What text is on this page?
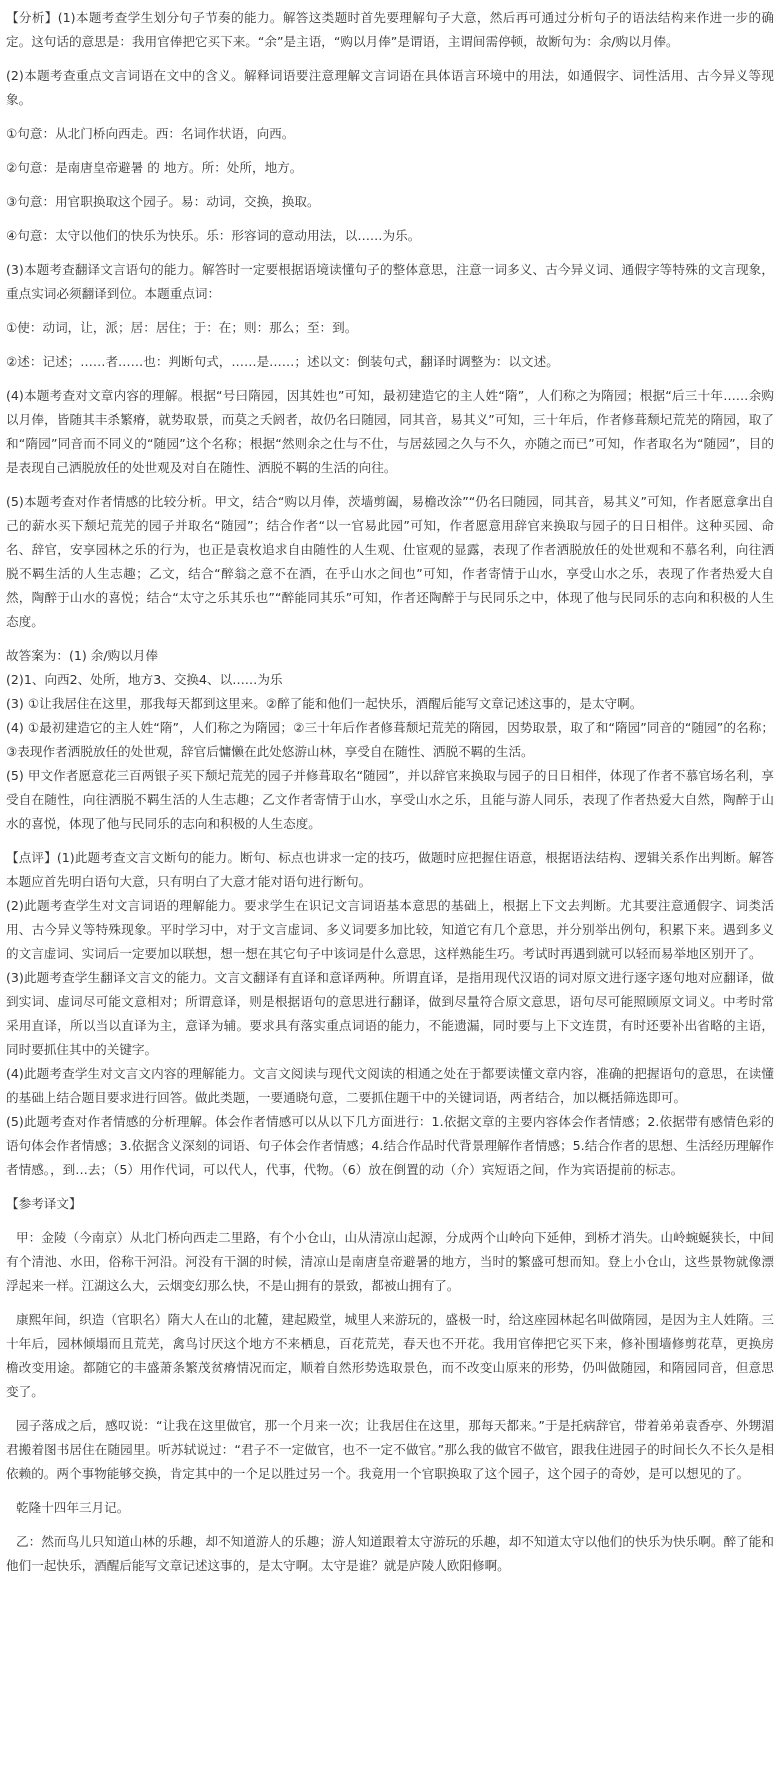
【分析】(1)本题考查学生划分句子节奏的能力。解答这类题时首先要理解句子大意，然后再可通过分析句子的语法结构来作进一步的确定。这句话的意思是：我用官俸把它买下来。“余”是主语，“购以月俸”是谓语，主谓间需停顿，故断句为：余/购以月俸。

(2)本题考查重点文言词语在文中的含义。解释词语要注意理解文言词语在具体语言环境中的用法，如通假字、词性活用、古今异义等现象。

①句意：从北门桥向西走。西：名词作状语，向西。

②句意：是南唐皇帝避暑 的 地方。所：处所，地方。

③句意：用官职换取这个园子。易：动词，交换，换取。

④句意：太守以他们的快乐为快乐。乐：形容词的意动用法，以……为乐。

(3)本题考查翻译文言语句的能力。解答时一定要根据语境读懂句子的整体意思，注意一词多义、古今异义词、通假字等特殊的文言现象，重点实词必须翻译到位。本题重点词：

①使：动词，让，派；居：居住；于：在；则：那么；至：到。

②述：记述；……者……也：判断句式，……是……；述以文：倒装句式，翻译时调整为：以文述。

(4)本题考查对文章内容的理解。根据“号曰隋园，因其姓也”可知，最初建造它的主人姓“隋”，人们称之为隋园；根据“后三十年……余购以月俸，皆随其丰杀繁瘠，就势取景，而莫之夭阏者，故仍名曰随园，同其音，易其义”可知，三十年后，作者修葺颓圮荒芜的隋园，取了和“隋园”同音而不同义的“随园”这个名称；根据“然则余之仕与不仕，与居兹园之久与不久，亦随之而已”可知，作者取名为“随园”，目的是表现自己洒脱放任的处世观及对自在随性、洒脱不羁的生活的向往。

(5)本题考查对作者情感的比较分析。甲文，结合“购以月俸，茨墙剪阖，易檐改涂”“仍名曰随园，同其音，易其义”可知，作者愿意拿出自己的薪水买下颓圮荒芜的园子并取名“随园”；结合作者“以一官易此园”可知，作者愿意用辞官来换取与园子的日日相伴。这种买园、命名、辞官，安享园林之乐的行为，也正是袁枚追求自由随性的人生观、仕宦观的显露，表现了作者洒脱放任的处世观和不慕名利，向往洒脱不羁生活的人生志趣；乙文，结合“醉翁之意不在酒，在乎山水之间也”可知，作者寄情于山水，享受山水之乐，表现了作者热爱大自然，陶醉于山水的喜悦；结合“太守之乐其乐也”“醉能同其乐”可知，作者还陶醉于与民同乐之中，体现了他与民同乐的志向和积极的人生态度。

故答案为：(1) 余/购以月俸

(2)1、向西2、处所，地方3、交换4、以……为乐

(3) ①让我居住在这里，那我每天都到这里来。②醉了能和他们一起快乐，酒醒后能写文章记述这事的，是太守啊。

(4) ①最初建造它的主人姓“隋”，人们称之为隋园；②三十年后作者修葺颓圮荒芜的隋园，因势取景，取了和“隋园”同音的“随园”的名称；③表现作者洒脱放任的处世观，辞官后慵懒在此处悠游山林，享受自在随性、洒脱不羁的生活。

(5) 甲文作者愿意花三百两银子买下颓圮荒芜的园子并修葺取名“随园”，并以辞官来换取与园子的日日相伴，体现了作者不慕官场名利，享受自在随性，向往洒脱不羁生活的人生志趣；乙文作者寄情于山水，享受山水之乐，且能与游人同乐，表现了作者热爱大自然，陶醉于山水的喜悦，体现了他与民同乐的志向和积极的人生态度。

【点评】(1)此题考查文言文断句的能力。断句、标点也讲求一定的技巧，做题时应把握住语意，根据语法结构、逻辑关系作出判断。解答本题应首先明白语句大意，只有明白了大意才能对语句进行断句。

(2)此题考查学生对文言词语的理解能力。要求学生在识记文言词语基本意思的基础上，根据上下文去判断。尤其要注意通假字、词类活用、古今异义等特殊现象。平时学习中，对于文言虚词、多义词要多加比较，知道它有几个意思，并分别举出例句，积累下来。遇到多义的文言虚词、实词后一定要加以联想，想一想在其它句子中该词是什么意思，这样熟能生巧。考试时再遇到就可以轻而易举地区别开了。

(3)此题考查学生翻译文言文的能力。文言文翻译有直译和意译两种。所谓直译，是指用现代汉语的词对原文进行逐字逐句地对应翻译，做到实词、虚词尽可能文意相对；所谓意译，则是根据语句的意思进行翻译，做到尽量符合原文意思，语句尽可能照顾原文词义。中考时常采用直译，所以当以直译为主，意译为辅。要求具有落实重点词语的能力，不能遗漏，同时要与上下文连贯，有时还要补出省略的主语，同时要抓住其中的关键字。

(4)此题考查学生对文言文内容的理解能力。文言文阅读与现代文阅读的相通之处在于都要读懂文章内容，准确的把握语句的意思，在读懂的基础上结合题目要求进行回答。做此类题，一要通晓句意，二要抓住题干中的关键词语，两者结合，加以概括筛选即可。

(5)此题考查对作者情感的分析理解。体会作者情感可以从以下几方面进行：1.依据文章的主要内容体会作者情感；2.依据带有感情色彩的语句体会作者情感；3.依据含义深刻的词语、句子体会作者情感；4.结合作品时代背景理解作者情感；5.结合作者的思想、生活经历理解作者情感。，到…去；（5）用作代词，可以代人，代事，代物。（6）放在倒置的动（介）宾短语之间，作为宾语提前的标志。

【参考译文】

甲：金陵（今南京）从北门桥向西走二里路，有个小仓山，山从清凉山起源，分成两个山岭向下延伸，到桥才消失。山岭蜿蜒狭长，中间有个清池、水田，俗称干河沿。河没有干涸的时候，清凉山是南唐皇帝避暑的地方，当时的繁盛可想而知。登上小仓山，这些景物就像漂浮起来一样。江湖这么大，云烟变幻那么快，不是山拥有的景致，都被山拥有了。

康熙年间，织造（官职名）隋大人在山的北麓，建起殿堂，城里人来游玩的，盛极一时，给这座园林起名叫做隋园，是因为主人姓隋。三十年后，园林倾塌而且荒芜，禽鸟讨厌这个地方不来栖息，百花荒芜，春天也不开花。我用官俸把它买下来，修补围墙修剪花草，更换房檐改变用途。都随它的丰盛萧条繁茂贫瘠情况而定，顺着自然形势选取景色，而不改变山原来的形势，仍叫做随园，和隋园同音，但意思变了。

园子落成之后，感叹说：“让我在这里做官，那一个月来一次；让我居住在这里，那每天都来。”于是托病辞官，带着弟弟袁香亭、外甥湄君搬着图书居住在随园里。听苏轼说过：“君子不一定做官，也不一定不做官。”那么我的做官不做官，跟我住进园子的时间长久不长久是相依赖的。两个事物能够交换，肯定其中的一个足以胜过另一个。我竟用一个官职换取了这个园子，这个园子的奇妙，是可以想见的了。

乾隆十四年三月记。

乙：然而鸟儿只知道山林的乐趣，却不知道游人的乐趣；游人知道跟着太守游玩的乐趣，却不知道太守以他们的快乐为快乐啊。醉了能和他们一起快乐，酒醒后能写文章记述这事的，是太守啊。太守是谁？就是庐陵人欧阳修啊。
